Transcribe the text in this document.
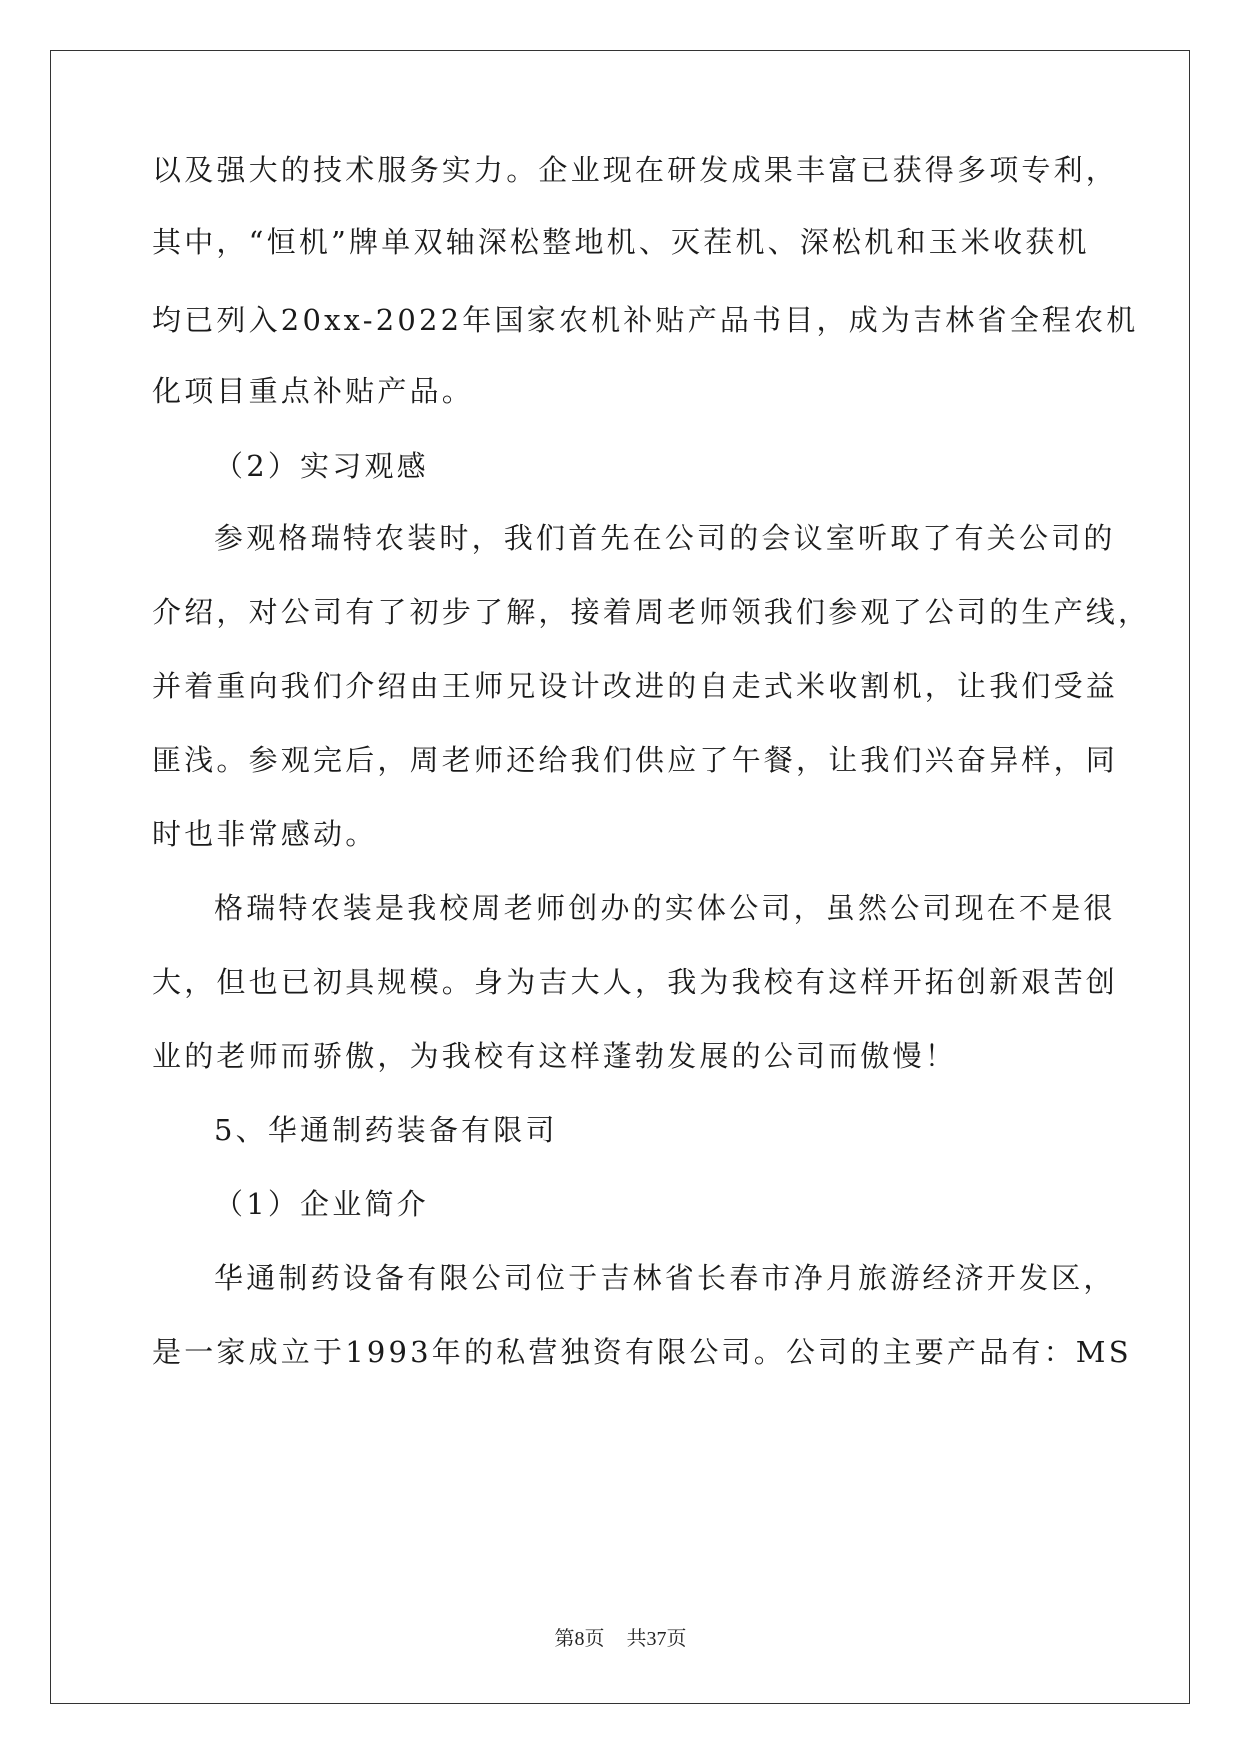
以及强大的技术服务实力。企业现在研发成果丰富已获得多项专利，
其中，“恒机”牌单双轴深松整地机、灭茬机、深松机和玉米收获机
均已列入20xx-2022年国家农机补贴产品书目，成为吉林省全程农机
化项目重点补贴产品。
（2）实习观感
参观格瑞特农装时，我们首先在公司的会议室听取了有关公司的
介绍，对公司有了初步了解，接着周老师领我们参观了公司的生产线，
并着重向我们介绍由王师兄设计改进的自走式米收割机，让我们受益
匪浅。参观完后，周老师还给我们供应了午餐，让我们兴奋异样，同
时也非常感动。
格瑞特农装是我校周老师创办的实体公司，虽然公司现在不是很
大，但也已初具规模。身为吉大人，我为我校有这样开拓创新艰苦创
业的老师而骄傲，为我校有这样蓬勃发展的公司而傲慢！
5、华通制药装备有限司
（1）企业简介
华通制药设备有限公司位于吉林省长春市净月旅游经济开发区，
是一家成立于1993年的私营独资有限公司。公司的主要产品有：MS
第8页 共37页
